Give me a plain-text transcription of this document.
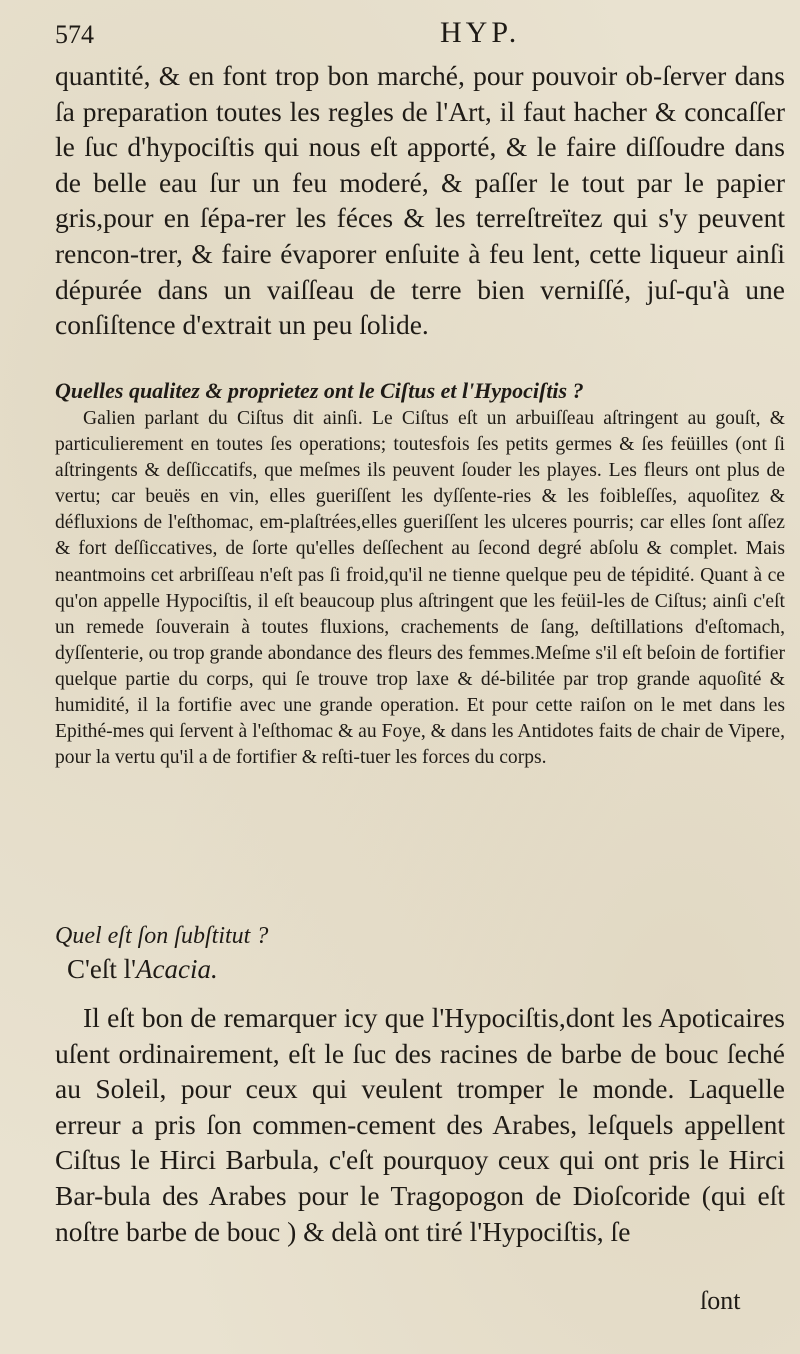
574	HYP.

quantité, & en font trop bon marché, pour pouvoir ob-ſerver dans ſa preparation toutes les regles de l'Art, il faut hacher & concaſſer le ſuc d'hypociſtis qui nous eſt apporté, & le faire diſſoudre dans de belle eau ſur un feu moderé, & paſſer le tout par le papier gris,pour en ſépa-rer les féces & les terreſtreïtez qui s'y peuvent rencon-trer, & faire évaporer enſuite à feu lent, cette liqueur ainſi dépurée dans un vaiſſeau de terre bien verniſſé, juſ-qu'à une conſiſtence d'extrait un peu ſolide.

Quelles qualitez & proprietez ont le Ciſtus et l'Hypociſtis ?

Galien parlant du Ciſtus dit ainſi. Le Ciſtus eſt un arbuiſſeau aſtringent au gouſt, & particulierement en toutes ſes operations; toutesfois ſes petits germes & ſes feüilles (ont ſi aſtringents & deſſiccatifs, que meſmes ils peuvent ſouder les playes. Les fleurs ont plus de vertu; car beuës en vin, elles gueriſſent les dyſſente-ries & les foibleſſes, aquoſitez & défluxions de l'eſthomac, em-plaſtrées,elles gueriſſent les ulceres pourris; car elles ſont aſſez & fort deſſiccatives, de ſorte qu'elles deſſechent au ſecond degré abſolu & complet. Mais neantmoins cet arbriſſeau n'eſt pas ſi froid,qu'il ne tienne quelque peu de tépidité. Quant à ce qu'on appelle Hypociſtis, il eſt beaucoup plus aſtringent que les feüil-les de Ciſtus; ainſi c'eſt un remede ſouverain à toutes fluxions, crachements de ſang, deſtillations d'eſtomach, dyſſenterie, ou trop grande abondance des fleurs des femmes.Meſme s'il eſt beſoin de fortifier quelque partie du corps, qui ſe trouve trop laxe & dé-bilitée par trop grande aquoſité & humidité, il la fortifie avec une grande operation. Et pour cette raiſon on le met dans les Epithé-mes qui ſervent à l'eſthomac & au Foye, & dans les Antidotes faits de chair de Vipere, pour la vertu qu'il a de fortifier & reſti-tuer les forces du corps.

Quel eſt ſon ſubſtitut ?

C'eſt l'Acacia.

Il eſt bon de remarquer icy que l'Hypociſtis,dont les Apoticaires uſent ordinairement, eſt le ſuc des racines de barbe de bouc ſeché au Soleil, pour ceux qui veulent tromper le monde. Laquelle erreur a pris ſon commen-cement des Arabes, leſquels appellent Ciſtus le Hirci Barbula, c'eſt pourquoy ceux qui ont pris le Hirci Bar-bula des Arabes pour le Tragopogon de Dioſcoride (qui eſt noſtre barbe de bouc ) & delà ont tiré l'Hypociſtis, ſe

ſont
